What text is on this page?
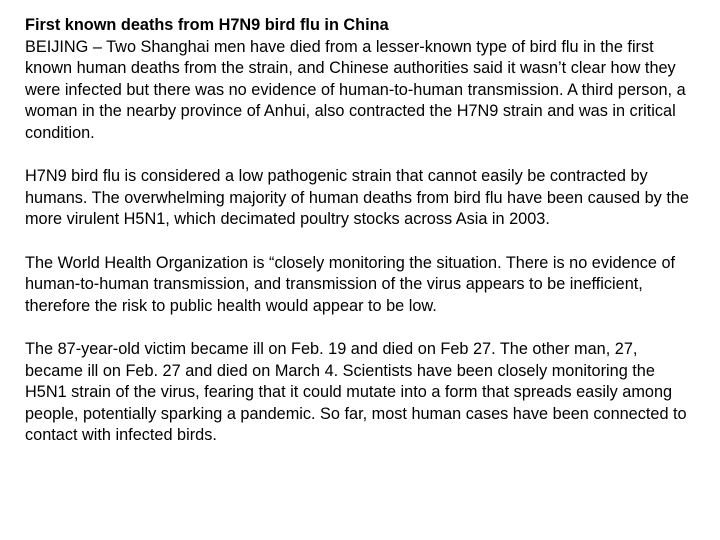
First known deaths from H7N9 bird flu in China

BEIJING – Two Shanghai men have died from a lesser-known type of bird flu in the first known human deaths from the strain, and Chinese authorities said it wasn’t clear how they were infected but there was no evidence of human-to-human transmission. A third person, a woman in the nearby province of Anhui, also contracted the H7N9 strain and was in critical condition.

H7N9 bird flu is considered a low pathogenic strain that cannot easily be contracted by humans. The overwhelming majority of human deaths from bird flu have been caused by the more virulent H5N1, which decimated poultry stocks across Asia in 2003.

The World Health Organization is “closely monitoring the situation. There is no evidence of human-to-human transmission, and transmission of the virus appears to be inefficient, therefore the risk to public health would appear to be low.

The 87-year-old victim became ill on Feb. 19 and died on Feb 27. The other man, 27, became ill on Feb. 27 and died on March 4. Scientists have been closely monitoring the H5N1 strain of the virus, fearing that it could mutate into a form that spreads easily among people, potentially sparking a pandemic. So far, most human cases have been connected to contact with infected birds.
